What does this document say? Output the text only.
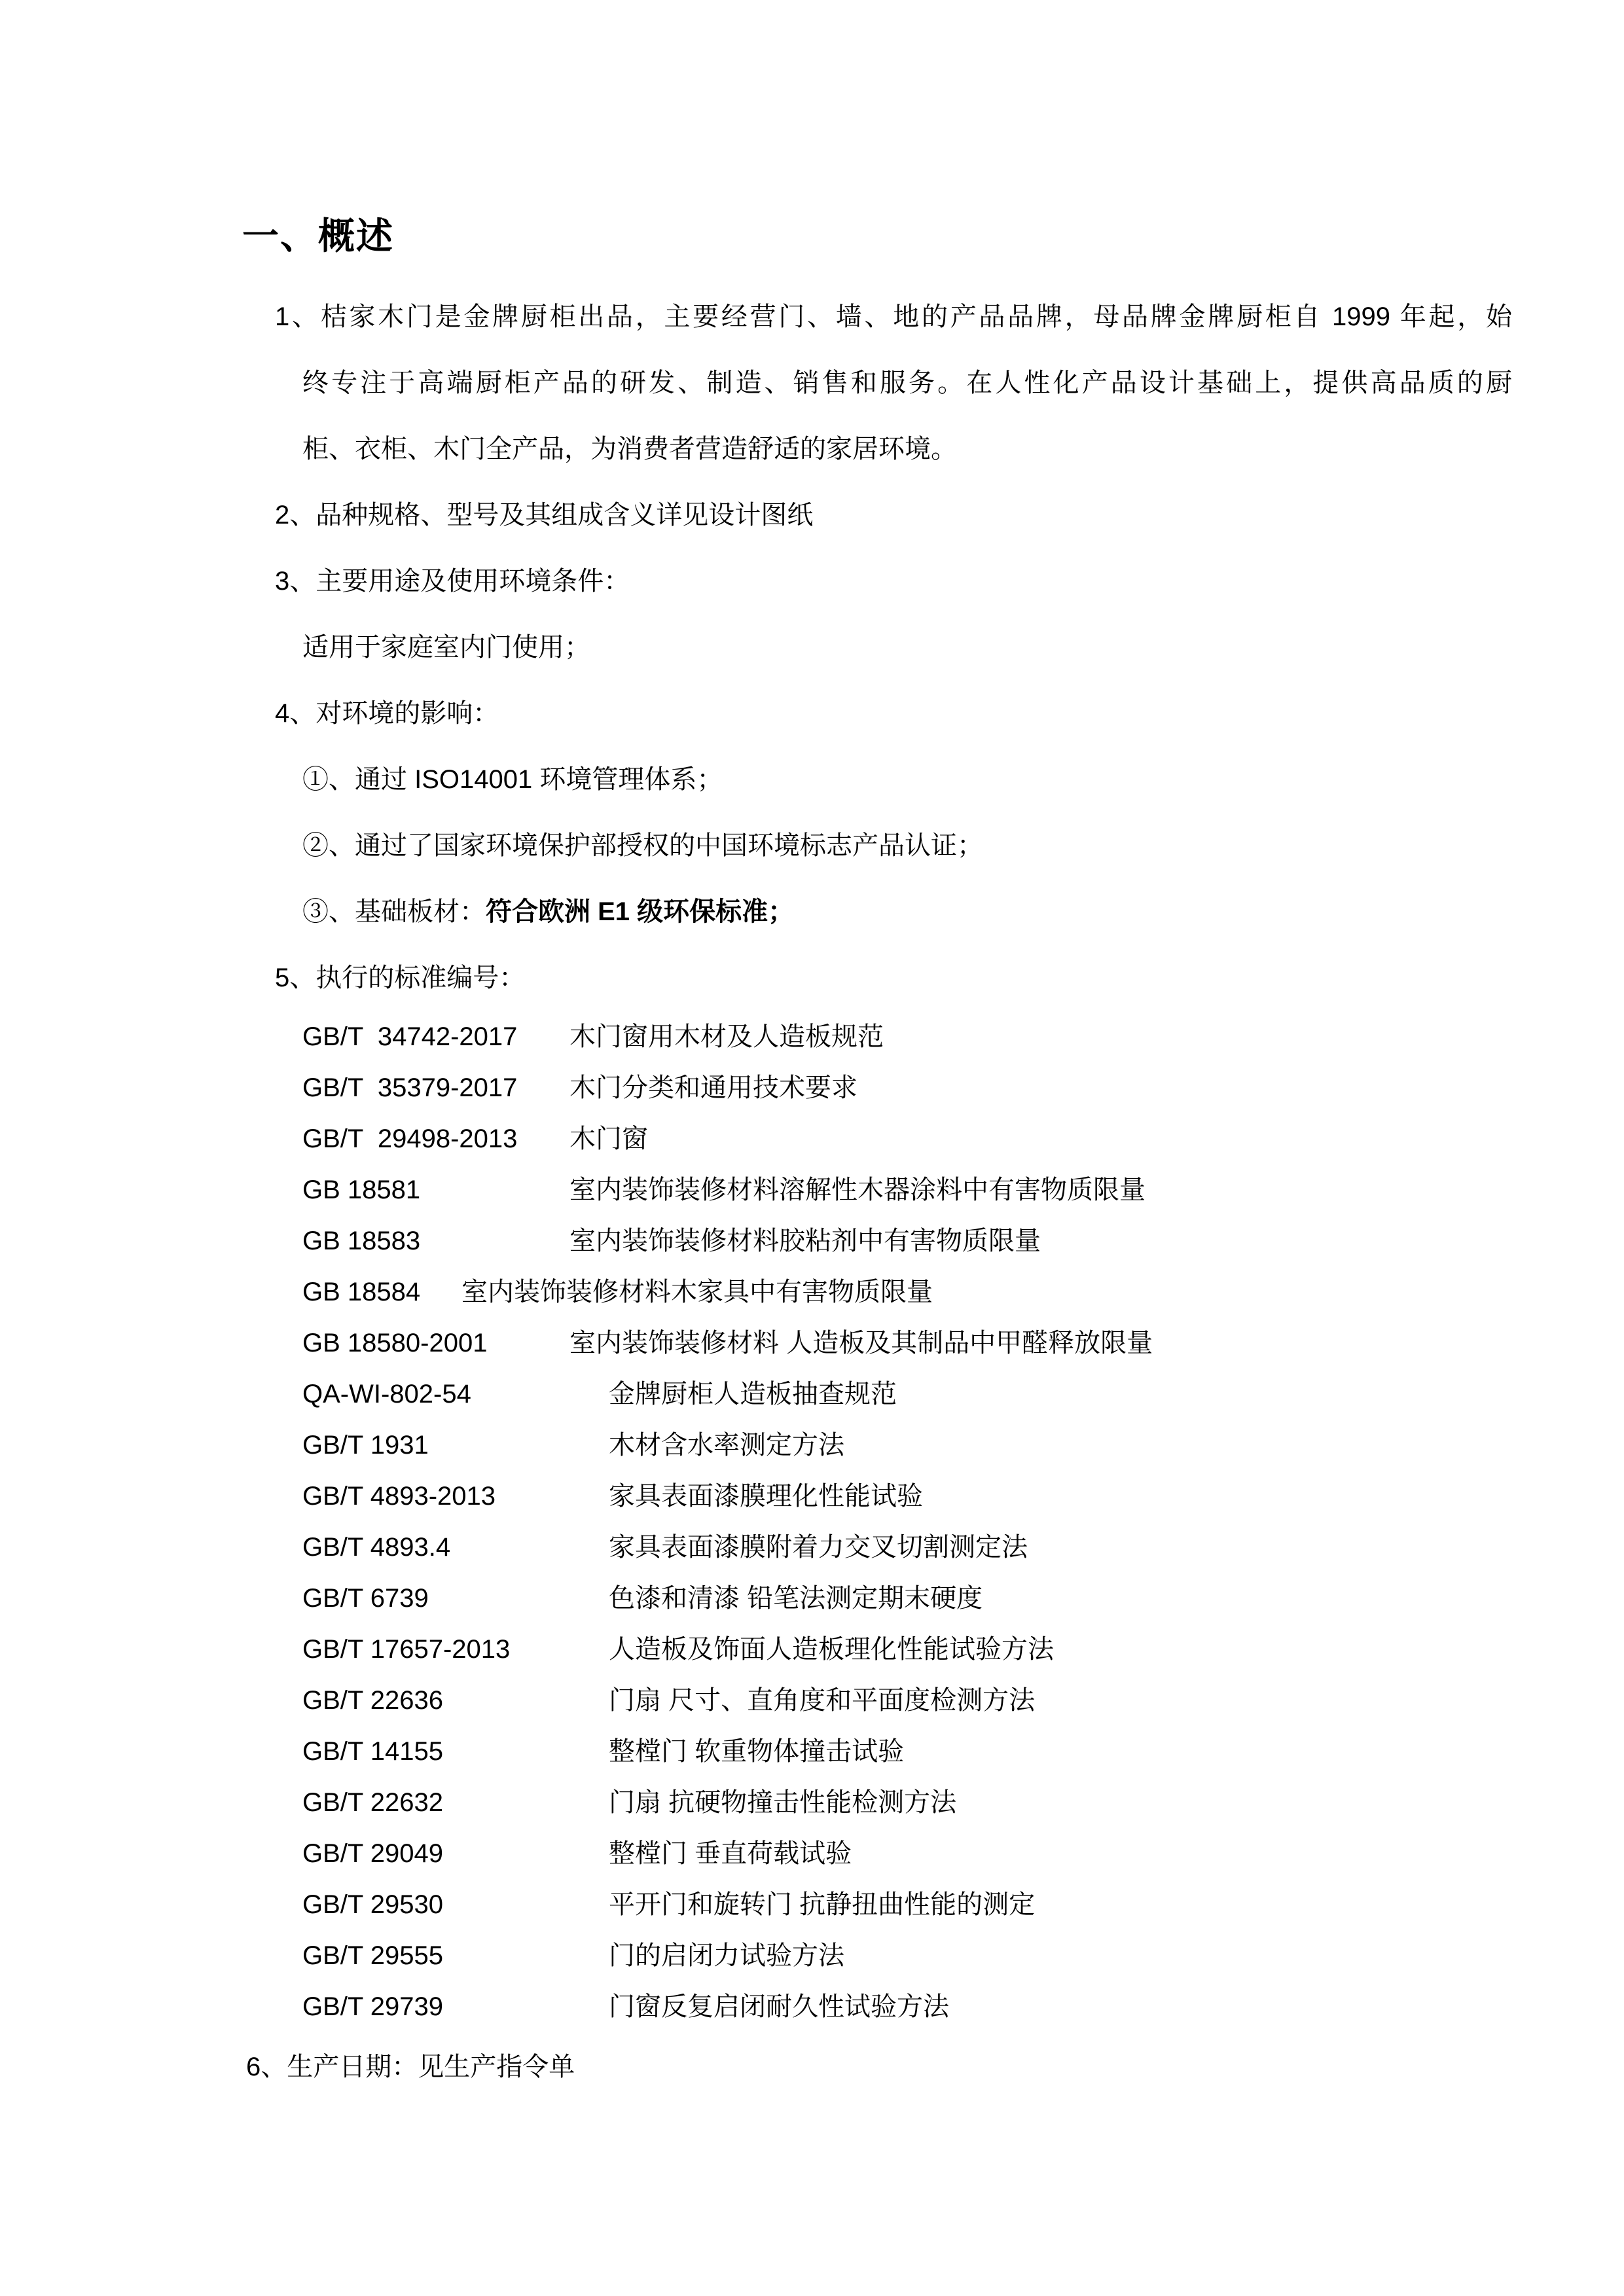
一、概述
1、桔家木门是金牌厨柜出品，主要经营门、墙、地的产品品牌，母品牌金牌厨柜自 1999 年起，始
终专注于高端厨柜产品的研发、制造、销售和服务。在人性化产品设计基础上，提供高品质的厨
柜、衣柜、木门全产品，为消费者营造舒适的家居环境。
2、品种规格、型号及其组成含义详见设计图纸
3、主要用途及使用环境条件：
适用于家庭室内门使用；
4、对环境的影响：
①、通过 ISO14001 环境管理体系；
②、通过了国家环境保护部授权的中国环境标志产品认证；
③、基础板材：符合欧洲 E1 级环保标准；
5、执行的标准编号：
GB/T  34742-2017	木门窗用木材及人造板规范
GB/T  35379-2017	木门分类和通用技术要求
GB/T  29498-2013	木门窗
GB 18581	室内装饰装修材料溶解性木器涂料中有害物质限量
GB 18583	室内装饰装修材料胶粘剂中有害物质限量
GB 18584	室内装饰装修材料木家具中有害物质限量
GB 18580-2001	室内装饰装修材料 人造板及其制品中甲醛释放限量
QA-WI-802-54	金牌厨柜人造板抽查规范
GB/T 1931	木材含水率测定方法
GB/T 4893-2013	家具表面漆膜理化性能试验
GB/T 4893.4	家具表面漆膜附着力交叉切割测定法
GB/T 6739	色漆和清漆 铅笔法测定期末硬度
GB/T 17657-2013	人造板及饰面人造板理化性能试验方法
GB/T 22636	门扇 尺寸、直角度和平面度检测方法
GB/T 14155	整樘门 软重物体撞击试验
GB/T 22632	门扇 抗硬物撞击性能检测方法
GB/T 29049	整樘门 垂直荷载试验
GB/T 29530	平开门和旋转门 抗静扭曲性能的测定
GB/T 29555	门的启闭力试验方法
GB/T 29739	门窗反复启闭耐久性试验方法
6、生产日期：见生产指令单
